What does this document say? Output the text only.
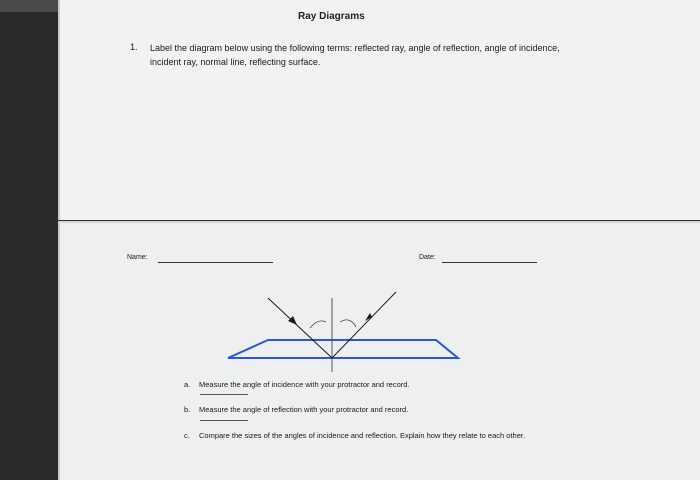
Ray Diagrams
1. Label the diagram below using the following terms: reflected ray, angle of reflection, angle of incidence, incident ray, normal line, reflecting surface.
Name:	Date:
a. Measure the angle of incidence with your protractor and record.
b. Measure the angle of reflection with your protractor and record.
c. Compare the sizes of the angles of incidence and reflection. Explain how they relate to each other.
